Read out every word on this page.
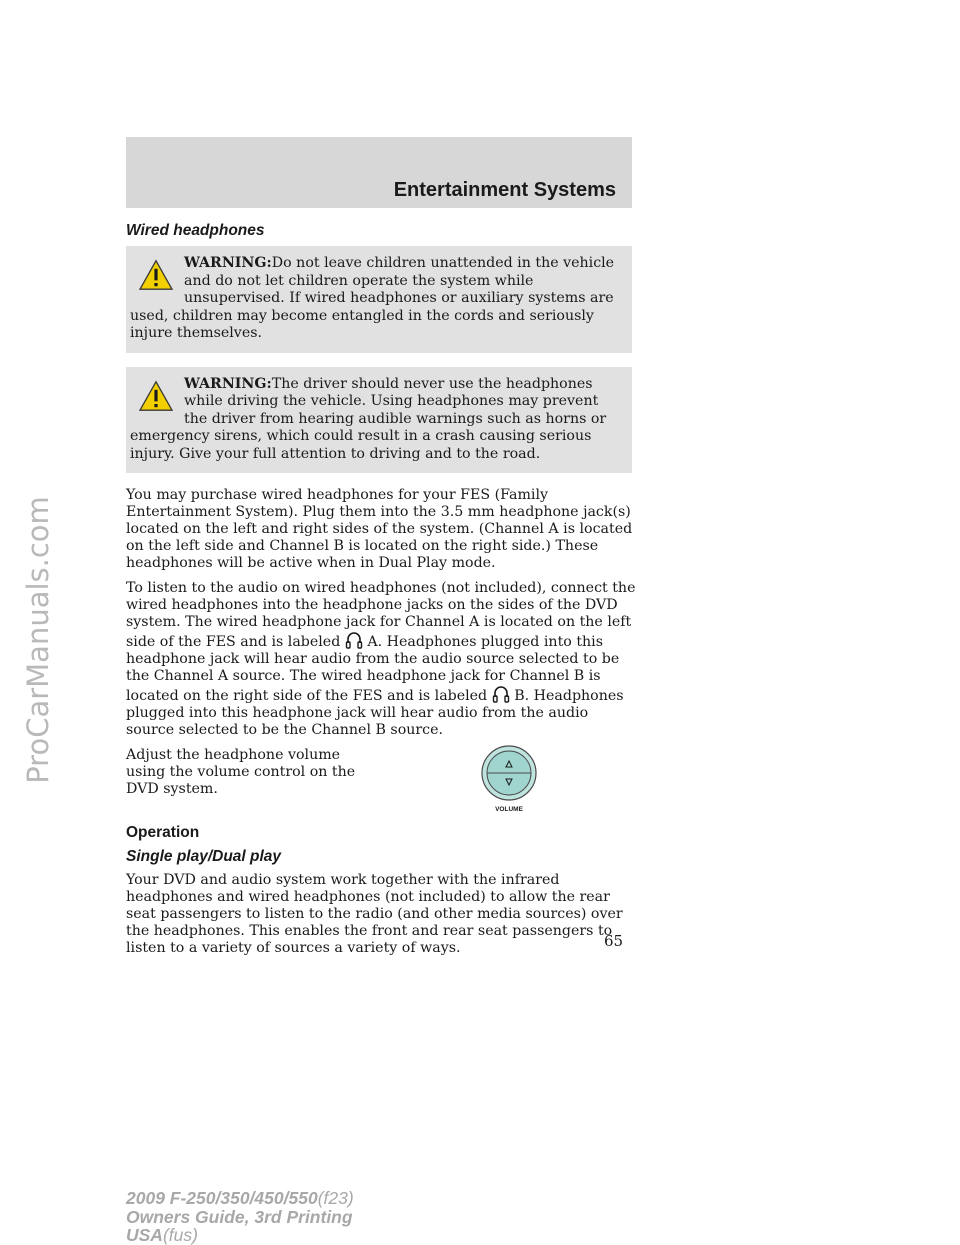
ProCarManuals.com
Entertainment Systems
Wired headphones
WARNING:Do not leave children unattended in the vehicle and do not let children operate the system while unsupervised. If wired headphones or auxiliary systems are used, children may become entangled in the cords and seriously injure themselves.
WARNING:The driver should never use the headphones while driving the vehicle. Using headphones may prevent the driver from hearing audible warnings such as horns or emergency sirens, which could result in a crash causing serious injury. Give your full attention to driving and to the road.

You may purchase wired headphones for your FES (Family Entertainment System). Plug them into the 3.5 mm headphone jack(s) located on the left and right sides of the system. (Channel A is located on the left side and Channel B is located on the right side.) These headphones will be active when in Dual Play mode.

To listen to the audio on wired headphones (not included), connect the wired headphones into the headphone jacks on the sides of the DVD system. The wired headphone jack for Channel A is located on the left side of the FES and is labeled A. Headphones plugged into this headphone jack will hear audio from the audio source selected to be the Channel A source. The wired headphone jack for Channel B is located on the right side of the FES and is labeled B. Headphones plugged into this headphone jack will hear audio from the audio source selected to be the Channel B source.

Adjust the headphone volume using the volume control on the DVD system.

VOLUME
Operation
Single play/Dual play

Your DVD and audio system work together with the infrared headphones and wired headphones (not included) to allow the rear seat passengers to listen to the radio (and other media sources) over the headphones. This enables the front and rear seat passengers to listen to a variety of sources a variety of ways.	65
2009 F-250/350/450/550(f23)
Owners Guide, 3rd Printing
USA(fus)
